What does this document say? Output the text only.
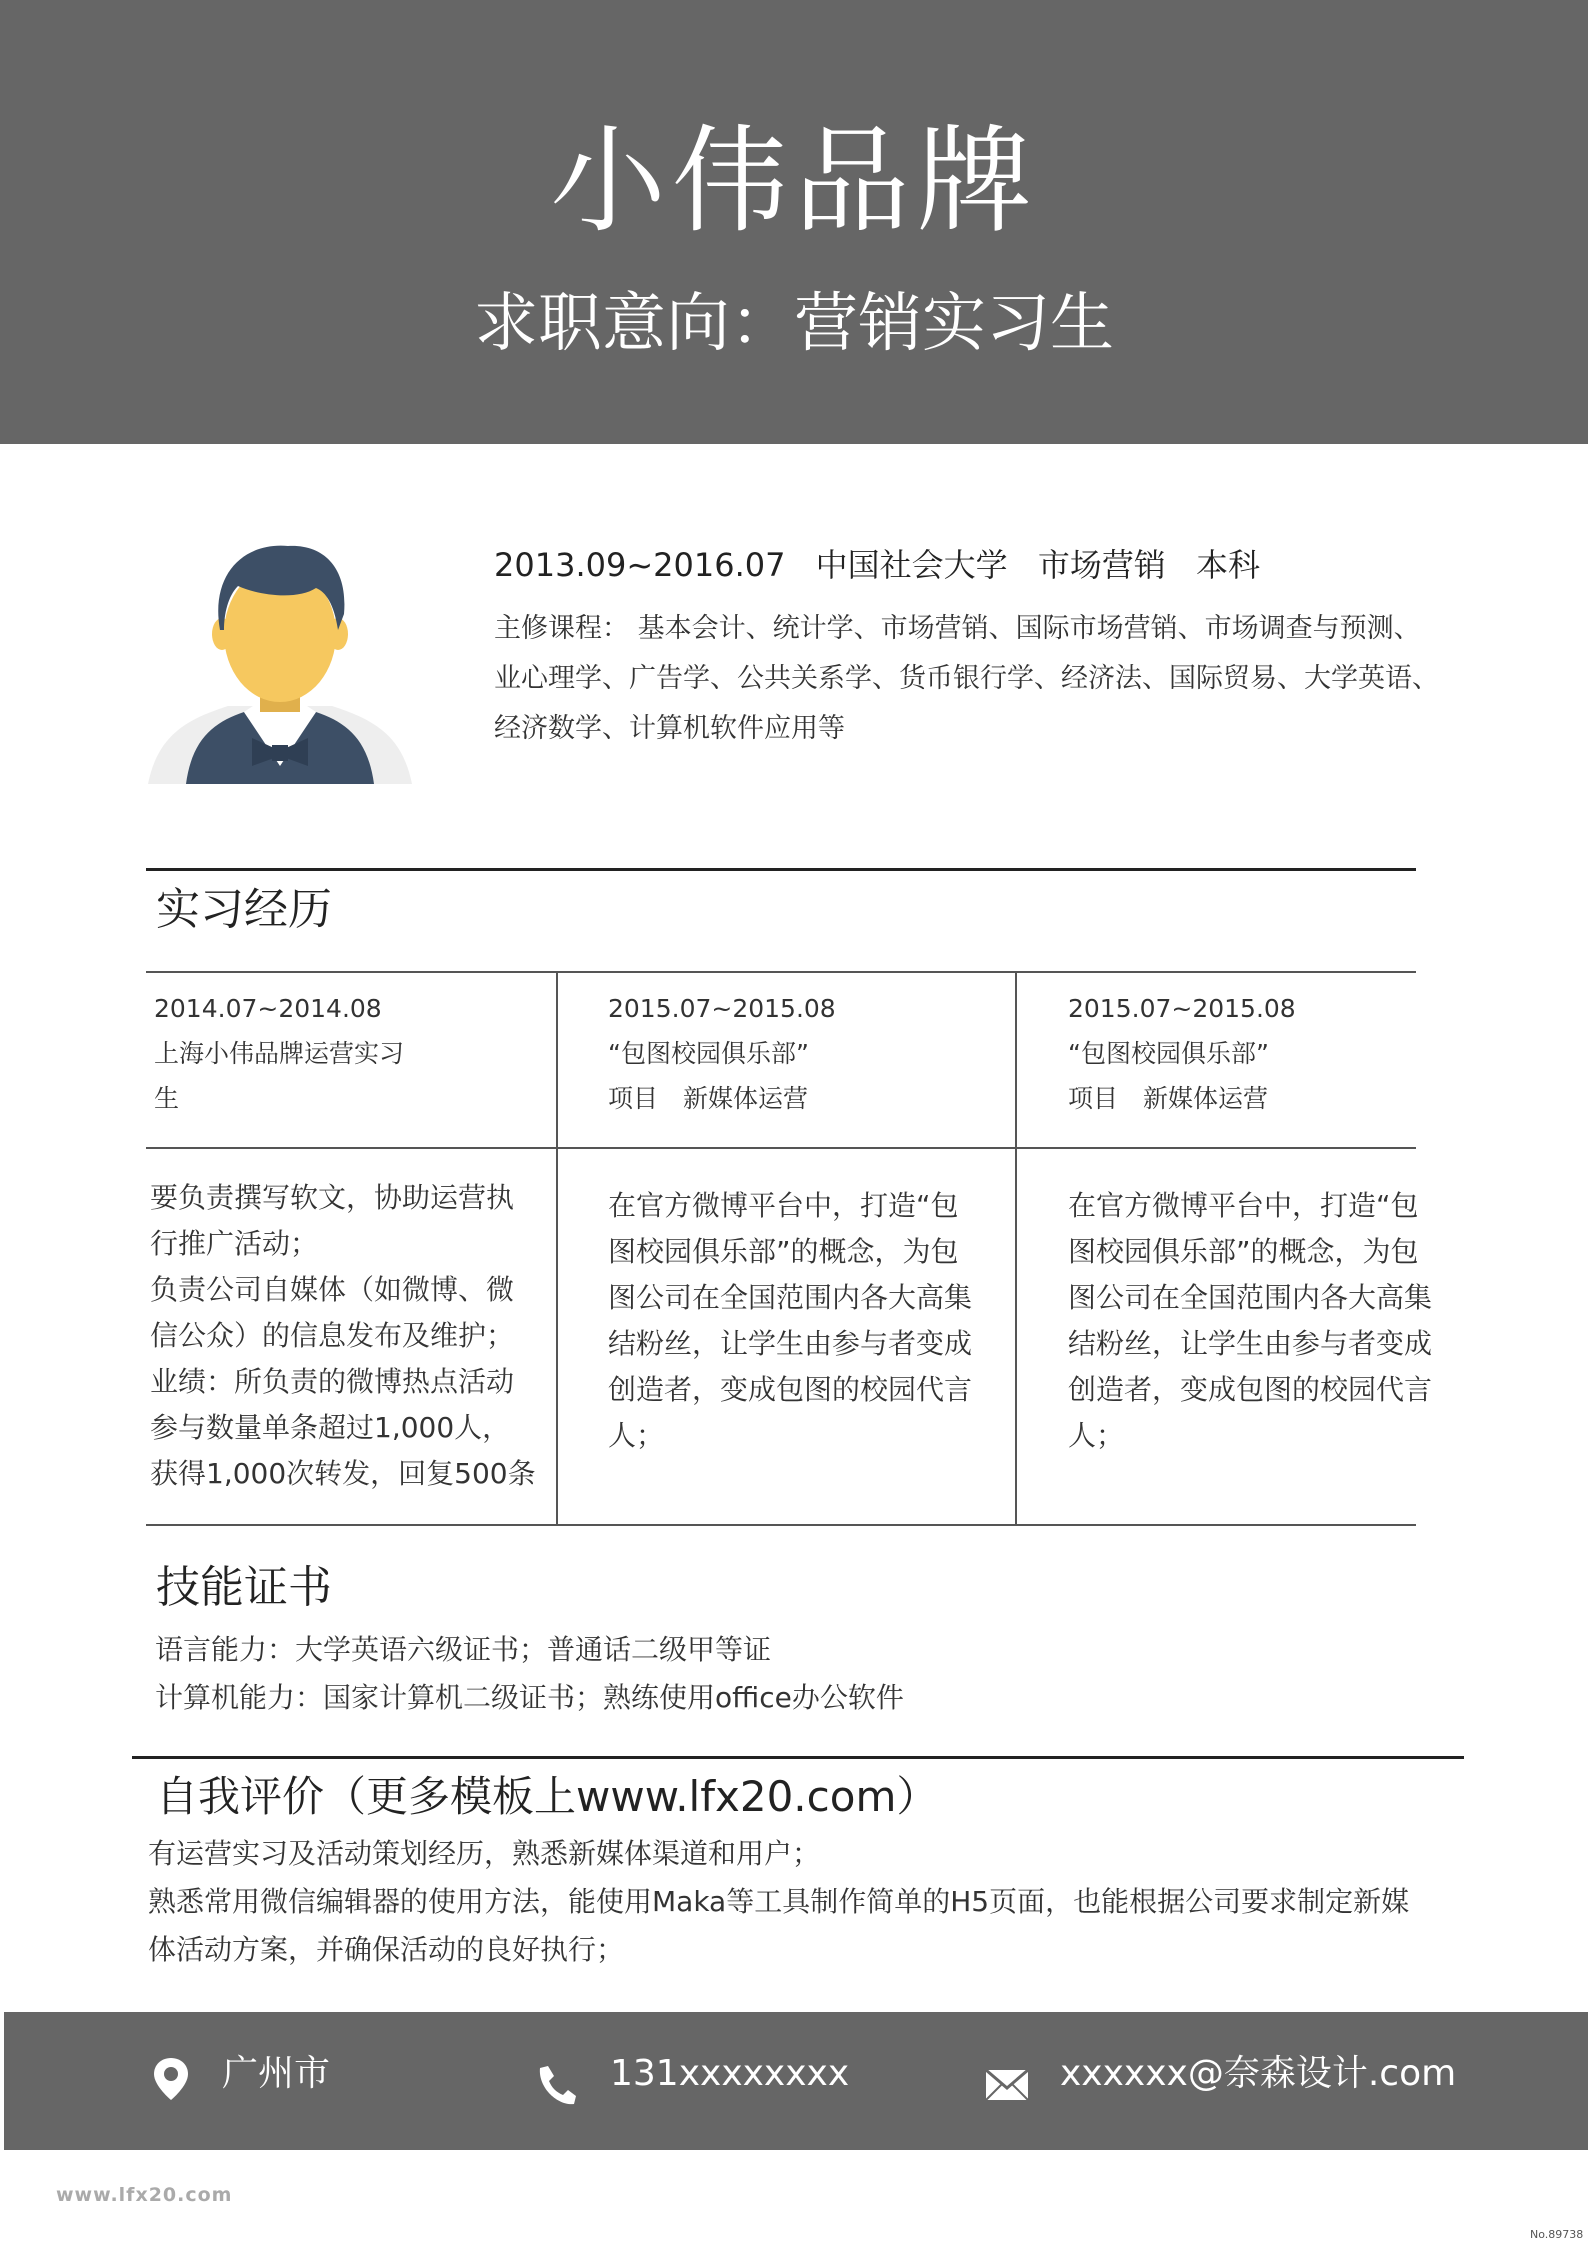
小伟品牌
求职意向：营销实习生
2013.09~2016.07 中国社会大学 市场营销 本科
主修课程： 基本会计、统计学、市场营销、国际市场营销、市场调查与预测、
业心理学、广告学、公共关系学、货币银行学、经济法、国际贸易、大学英语、
经济数学、计算机软件应用等
实习经历
2014.07~2014.08
上海小伟品牌运营实习
生
要负责撰写软文，协助运营执
行推广活动；
负责公司自媒体（如微博、微
信公众）的信息发布及维护；
业绩：所负责的微博热点活动
参与数量单条超过1,000人，
获得1,000次转发，回复500条
2015.07~2015.08
“包图校园俱乐部”
项目　新媒体运营
在官方微博平台中，打造“包
图校园俱乐部”的概念，为包
图公司在全国范围内各大高集
结粉丝，让学生由参与者变成
创造者，变成包图的校园代言
人；
2015.07~2015.08
“包图校园俱乐部”
项目　新媒体运营
在官方微博平台中，打造“包
图校园俱乐部”的概念，为包
图公司在全国范围内各大高集
结粉丝，让学生由参与者变成
创造者，变成包图的校园代言
人；
技能证书
语言能力：大学英语六级证书；普通话二级甲等证
计算机能力：国家计算机二级证书；熟练使用office办公软件
自我评价（更多模板上www.lfx20.com）
有运营实习及活动策划经历，熟悉新媒体渠道和用户；
熟悉常用微信编辑器的使用方法，能使用Maka等工具制作简单的H5页面，也能根据公司要求制定新媒
体活动方案，并确保活动的良好执行；
广州市	131xxxxxxxx	xxxxxx@奈森设计.com
www.lfx20.com
No.89738
